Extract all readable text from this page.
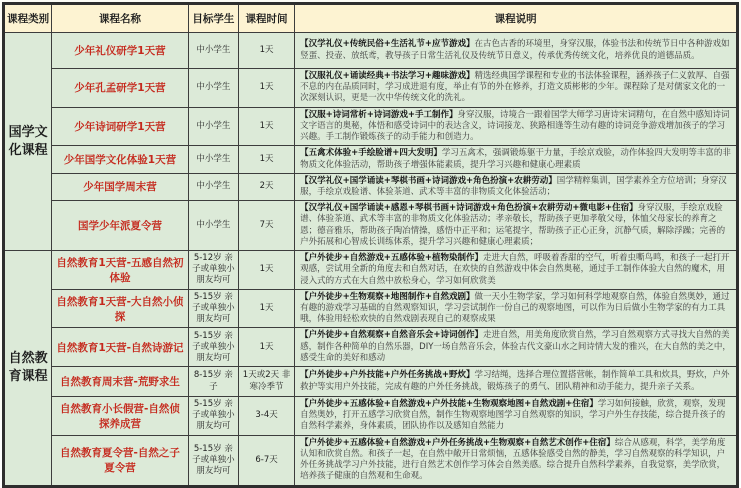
课程类别	课程名称	目标学生	课程时间	课程说明
国学文化课程	少年礼仪研学1天营	中小学生	1天	【汉学礼仪+传统民俗+生活礼节+应节游戏】在古色古香的环境里，身穿汉服，体验书法和传统节日中各种游戏如竖蛋、投壶、放纸鸢，教导孩子日常生活礼仪及传统节日意义，传承优秀传统文化，培养优良的道德品质。
	少年孔孟研学1天营	中小学生	1天	【汉服礼仪+诵读经典+书法学习+趣味游戏】精选经典国学课程和专业的书法体验课程，涵养孩子仁义敦厚、自强不息的内在品质同时，学习成进退有度，举止有节的外在修养，打造文质彬彬的少年。课程除了是对儒家文化的一次深刻认识，更是一次中华传统文化的洗礼。
	少年诗词研学1天营	中小学生	1天	【汉服+诗词常析+诗词游戏+手工制作】身穿汉服，诗境合一跟着国学大师学习唐诗宋词精句，在自然中感知诗词文字语言的奥秘，体悟和感受诗词中的表达含义，诗词接龙、狭路相逢等生动有趣的诗词竞争游戏增加孩子的学习兴趣。手工制作锻炼孩子的动手能力和创造力。
	少年国学文化体验1天营	中小学生	1天	【五禽术体验+手绘脸谱+四大发明】学习五禽术，强调锻炼躯干力量，手绘京戏脸，动作体验四大发明等丰富的非物质文化体验活动，帮助孩子增强体能素质，提升学习兴趣和健康心理素质
	少年国学周末营	中小学生	2天	【汉学礼仪+国学诵读+琴棋书画+诗词游戏+角色扮演+农耕劳动】国学精粹集训，国学素养全方位培训；身穿汉服，手绘京戏脸谱、体验茶道、武术等丰富的非物质文化体验活动；
	国学少年派夏令营	中小学生	7天	【汉学礼仪+国学诵读+感恩+琴棋书画+诗词游戏+角色扮演+农耕劳动+微电影+住宿】身穿汉服，手绘京戏脸谱、体验茶道、武术等丰富的非物质文化体验活动；孝亲敬长，帮助孩子更加孝敬父母，体恤父母家长的养育之恩；德音雅乐，帮助孩子陶冶情操，感悟中正平和；运笔提字，帮助孩子正心正身，沉静气质，解除浮躁；完善的户外拓展和心智成长训练体系，提升学习兴趣和健康心理素质；
自然教育课程	自然教育1天营-五感自然初体验	5-12岁 亲子或单独小朋友均可	1天	【户外徒步+自然游戏+五感体验+植物染制作】走进大自然，呼吸着香甜的空气，听着虫嘶鸟鸣，和孩子一起打开观感，尝试用全新的角度去和自然对话，在欢快的自然游戏中体会自然奥秘，通过手工制作体验大自然的魔术，用浸入式的方式在大自然中放松身心，学习如何欣赏美
	自然教育1天营-大自然小侦探	5-15岁 亲子或单独小朋友均可	1天	【户外徒步+生物观察+地图制作+自然戏剧】做一天小生物学家，学习如何科学地观察自然，体验自然奥妙，通过有趣的游戏学习基础的自然观察知识，学习尝试制作一份自己的观察地图，可以作为日后做小生物学家的有力工具哦，体验用轻松欢快的自然戏剧表现自己的观察成果
	自然教育1天营-自然诗游记	5-15岁 亲子或单独小朋友均可	1天	【户外徒步+自然观察+自然音乐会+诗词创作】走进自然，用美角度欣赏自然，学习自然观察方式寻找大自然的美感，制作各种简单的自然乐器，DIY一场自然音乐会，体验古代文豪山水之间诗情大发的雅兴，在大自然的美之中，感受生命的美好和感动
	自然教育周末营-荒野求生	8-15岁 亲子	1天或2天 非寒冷季节	【户外徒步+户外技能+户外任务挑战+野炊】学习结绳，选择合理位置搭营帐，制作简单工具和炊具，野炊，户外救护等实用户外技能，完成有趣的户外任务挑战，锻炼孩子的勇气、团队精神和动手能力，提升亲子关系。
	自然教育小长假营-自然侦探养成营	5-15岁 亲子或单独小朋友均可	3-4天	【户外徒步+五感体验+自然游戏+户外技能+生物观察地图+自然戏剧+住宿】学习如何接触，欣赏，观察，发现自然奥妙，打开五感学习欣赏自然，制作生物观察地图学习自然观察的知识，学习户外生存技能，综合提升孩子的自然科学素养，身体素质，团队协作以及感知自然能力
	自然教育夏令营-自然之子夏令营	5-15岁 亲子或单独小朋友均可	6-7天	【户外徒步+五感体验+自然游戏+户外任务挑战+生物观察+自然艺术创作+住宿】综合从感观，科学，美学角度认知和欣赏自然。和孩子一起，在自然中敞开日常烦恼，五感体验感受自然的静美，学习自然观察的科学知识，户外任务挑战学习户外技能，进行自然艺术创作学习体会自然美感。综合提升自然科学素养，自我觉察，美学欣赏，培养孩子健康的自然观和生命观。
